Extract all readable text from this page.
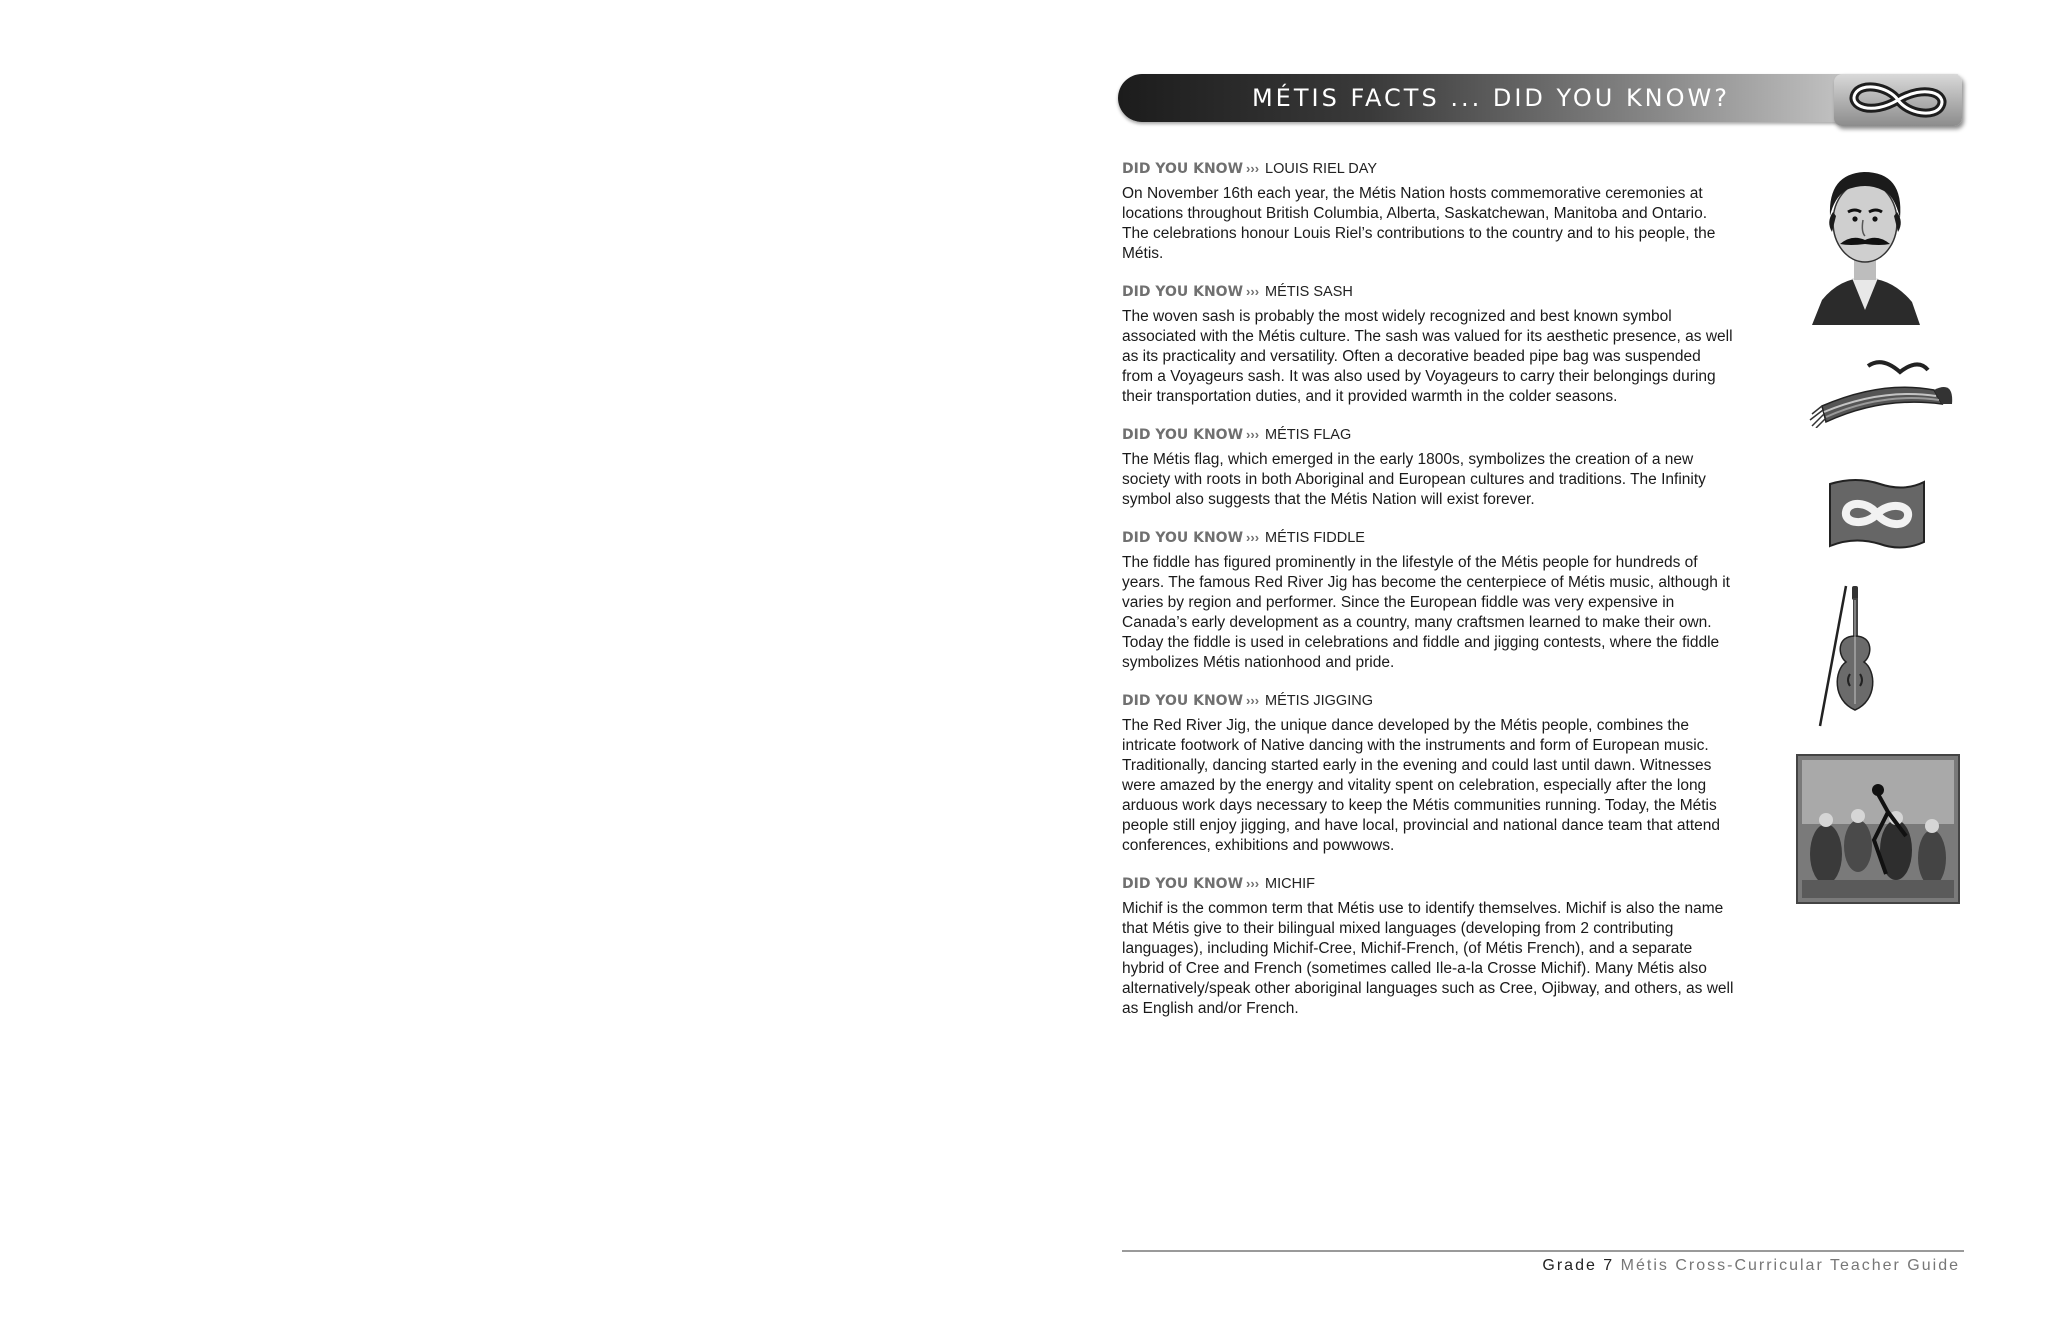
MÉTIS FACTS ... DID YOU KNOW?
DID YOU KNOW ››› LOUIS RIEL DAY
On November 16th each year, the Métis Nation hosts commemorative ceremonies at locations throughout British Columbia, Alberta, Saskatchewan, Manitoba and Ontario. The celebrations honour Louis Riel’s contributions to the country and to his people, the Métis.
DID YOU KNOW ››› MÉTIS SASH
The woven sash is probably the most widely recognized and best known symbol associated with the Métis culture. The sash was valued for its aesthetic presence, as well as its practicality and versatility. Often a decorative beaded pipe bag was suspended from a Voyageurs sash. It was also used by Voyageurs to carry their belongings during their transportation duties, and it provided warmth in the colder seasons.
DID YOU KNOW ››› MÉTIS FLAG
The Métis flag, which emerged in the early 1800s, symbolizes the creation of a new society with roots in both Aboriginal and European cultures and traditions. The Infinity symbol also suggests that the Métis Nation will exist forever.
DID YOU KNOW ››› MÉTIS FIDDLE
The fiddle has figured prominently in the lifestyle of the Métis people for hundreds of years. The famous Red River Jig has become the centerpiece of Métis music, although it varies by region and performer. Since the European fiddle was very expensive in Canada’s early development as a country, many craftsmen learned to make their own. Today the fiddle is used in celebrations and fiddle and jigging contests, where the fiddle symbolizes Métis nationhood and pride.
DID YOU KNOW ››› MÉTIS JIGGING
The Red River Jig, the unique dance developed by the Métis people, combines the intricate footwork of Native dancing with the instruments and form of European music. Traditionally, dancing started early in the evening and could last until dawn. Witnesses were amazed by the energy and vitality spent on celebration, especially after the long arduous work days necessary to keep the Métis communities running. Today, the Métis people still enjoy jigging, and have local, provincial and national dance team that attend conferences, exhibitions and powwows.
DID YOU KNOW ››› MICHIF
Michif is the common term that Métis use to identify themselves. Michif is also the name that Métis give to their bilingual mixed languages (developing from 2 contributing languages), including Michif-Cree, Michif-French, (of Métis French), and a separate hybrid of Cree and French (sometimes called Ile-a-la Crosse Michif). Many Métis also alternatively/speak other aboriginal languages such as Cree, Ojibway, and others, as well as English and/or French.
Grade 7 Métis Cross-Curricular Teacher Guide
